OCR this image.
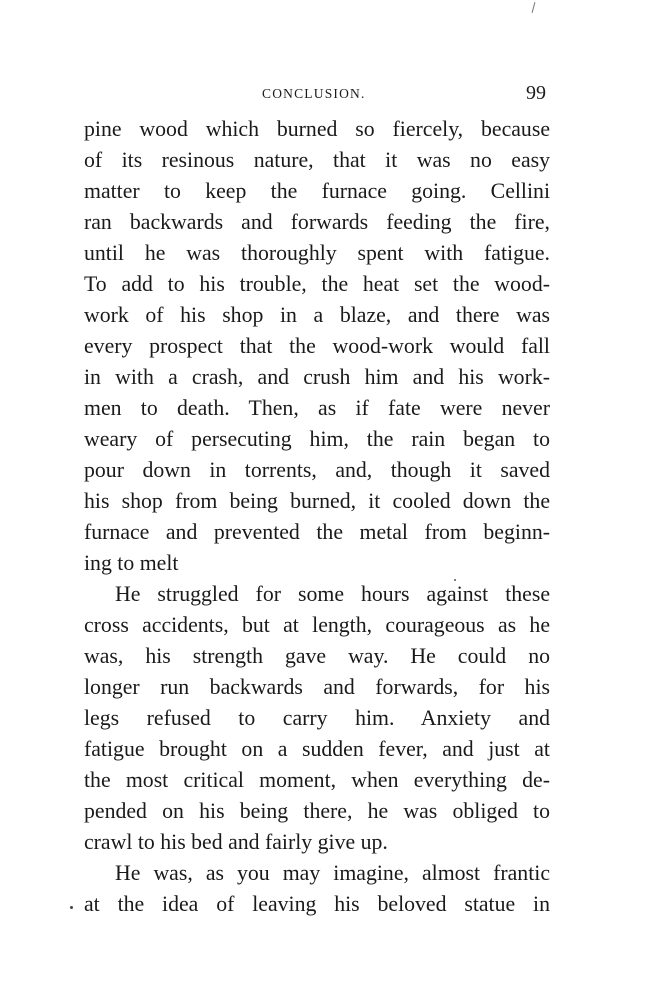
CONCLUSION.	99
pine wood which burned so fiercely, because
of its resinous nature, that it was no easy
matter to keep the furnace going. Cellini
ran backwards and forwards feeding the fire,
until he was thoroughly spent with fatigue.
To add to his trouble, the heat set the wood-
work of his shop in a blaze, and there was
every prospect that the wood-work would fall
in with a crash, and crush him and his work-
men to death. Then, as if fate were never
weary of persecuting him, the rain began to
pour down in torrents, and, though it saved
his shop from being burned, it cooled down the
furnace and prevented the metal from beginn-
ing to melt
He struggled for some hours against these
cross accidents, but at length, courageous as he
was, his strength gave way. He could no
longer run backwards and forwards, for his
legs refused to carry him. Anxiety and
fatigue brought on a sudden fever, and just at
the most critical moment, when everything de-
pended on his being there, he was obliged to
crawl to his bed and fairly give up.
He was, as you may imagine, almost frantic
at the idea of leaving his beloved statue in
